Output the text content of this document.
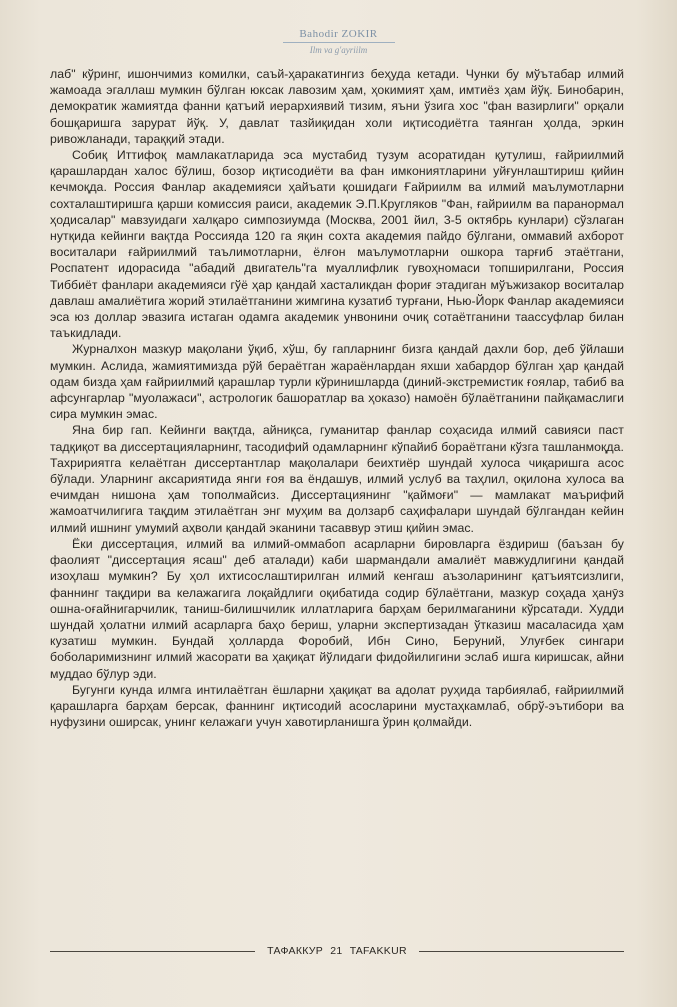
Bahodir ZOKIR
Ilm va g'ayriilm

лаб" кўринг, ишончимиз комилки, саъй-ҳаракатингиз беҳуда кетади. Чунки бу мўътабар илмий жамоада эгаллаш мумкин бўлган юксак лавозим ҳам, ҳокимият ҳам, имтиёз ҳам йўқ. Бинобарин, демократик жамиятда фанни қатъий иерархиявий тизим, яъни ўзига хос "фан вазирлиги" орқали бошқаришга зарурат йўқ. У, давлат тазйиқидан холи иқтисодиётга таянган ҳолда, эркин ривожланади, тараққий этади.

Собиқ Иттифоқ мамлакатларида эса мустабид тузум асоратидан қутулиш, ғайриилмий қарашлардан халос бўлиш, бозор иқтисодиёти ва фан имкониятларини уйғунлаштириш қийин кечмоқда. Россия Фанлар академияси ҳайъати қошидаги Ғайриилм ва илмий маълумотларни сохталаштиришга қарши комиссия раиси, академик Э.П.Кругляков "Фан, ғайриилм ва паранормал ҳодисалар" мавзуидаги халқаро симпозиумда (Москва, 2001 йил, 3-5 октябрь кунлари) сўзлаган нутқида кейинги вақтда Россияда 120 га яқин сохта академия пайдо бўлгани, оммавий ахборот воситалари ғайриилмий таълимотларни, ёлғон маълумотларни ошкора тарғиб этаётгани, Роспатент идорасида "абадий двигатель"га муаллифлик гувоҳномаси топширилгани, Россия Тиббиёт фанлари академияси гўё ҳар қандай хасталикдан фориғ этадиган мўъжизакор воситалар давлаш амалиётига жорий этилаётганини жимгина кузатиб турғани, Нью-Йорк Фанлар академияси эса юз доллар эвазига истаган одамга академик унвонини очиқ сотаётганини таассуфлар билан таъкидлади.

Журналхон мазкур мақолани ўқиб, хўш, бу гапларнинг бизга қандай дахли бор, деб ўйлаши мумкин. Аслида, жамиятимизда рўй бераётган жараёнлардан яхши хабардор бўлган ҳар қандай одам бизда ҳам ғайриилмий қарашлар турли кўринишларда (диний-экстремистик ғоялар, табиб ва афсунгарлар "муолажаси", астрологик башоратлар ва ҳоказо) намоён бўлаётганини пайқамаслиги сира мумкин эмас.

Яна бир гап. Кейинги вақтда, айниқса, гуманитар фанлар соҳасида илмий савияси паст тадқиқот ва диссертацияларнинг, тасодифий одамларнинг кўпайиб бораётгани кўзга ташланмоқда. Тахририятга келаётган диссертантлар мақолалари беихтиёр шундай хулоса чиқаришга асос бўлади. Уларнинг аксариятида янги ғоя ва ёндашув, илмий услуб ва таҳлил, оқилона хулоса ва ечимдан нишона ҳам тополмайсиз. Диссертациянинг "қаймоғи" — мамлакат маърифий жамоатчилигига тақдим этилаётган энг муҳим ва долзарб саҳифалари шундай бўлгандан кейин илмий ишнинг умумий аҳволи қандай эканини тасаввур этиш қийин эмас.

Ёки диссертация, илмий ва илмий-оммабоп асарларни бировларга ёздириш (баъзан бу фаолият "диссертация ясаш" деб аталади) каби шармандали амалиёт мавжудлигини қандай изоҳлаш мумкин? Бу ҳол ихтисослаштирилган илмий кенгаш аъзоларининг қатъиятсизлиги, фаннинг тақдири ва келажагига лоқайдлиги оқибатида содир бўлаётгани, мазкур соҳада ҳанӯз ошна-оғайнигарчилик, таниш-билишчилик иллатларига барҳам берилмаганини кўрсатади. Худди шундай ҳолатни илмий асарларга баҳо бериш, уларни экспертизадан ўтказиш масаласида ҳам кузатиш мумкин. Бундай ҳолларда Форобий, Ибн Сино, Беруний, Улуғбек сингари боболаримизнинг илмий жасорати ва ҳақиқат йўлидаги фидойилигини эслаб ишга киришсак, айни муддао бўлур эди.

Бугунги кунда илмга интилаётган ёшларни ҳақиқат ва адолат руҳида тарбиялаб, ғайриилмий қарашларга барҳам берсак, фаннинг иқтисодий асосларини мустаҳкамлаб, обрў-эътибори ва нуфузини оширсак, унинг келажаги учун хавотирланишга ўрин қолмайди.

ТАФАККУР 21 TAFAKKUR
